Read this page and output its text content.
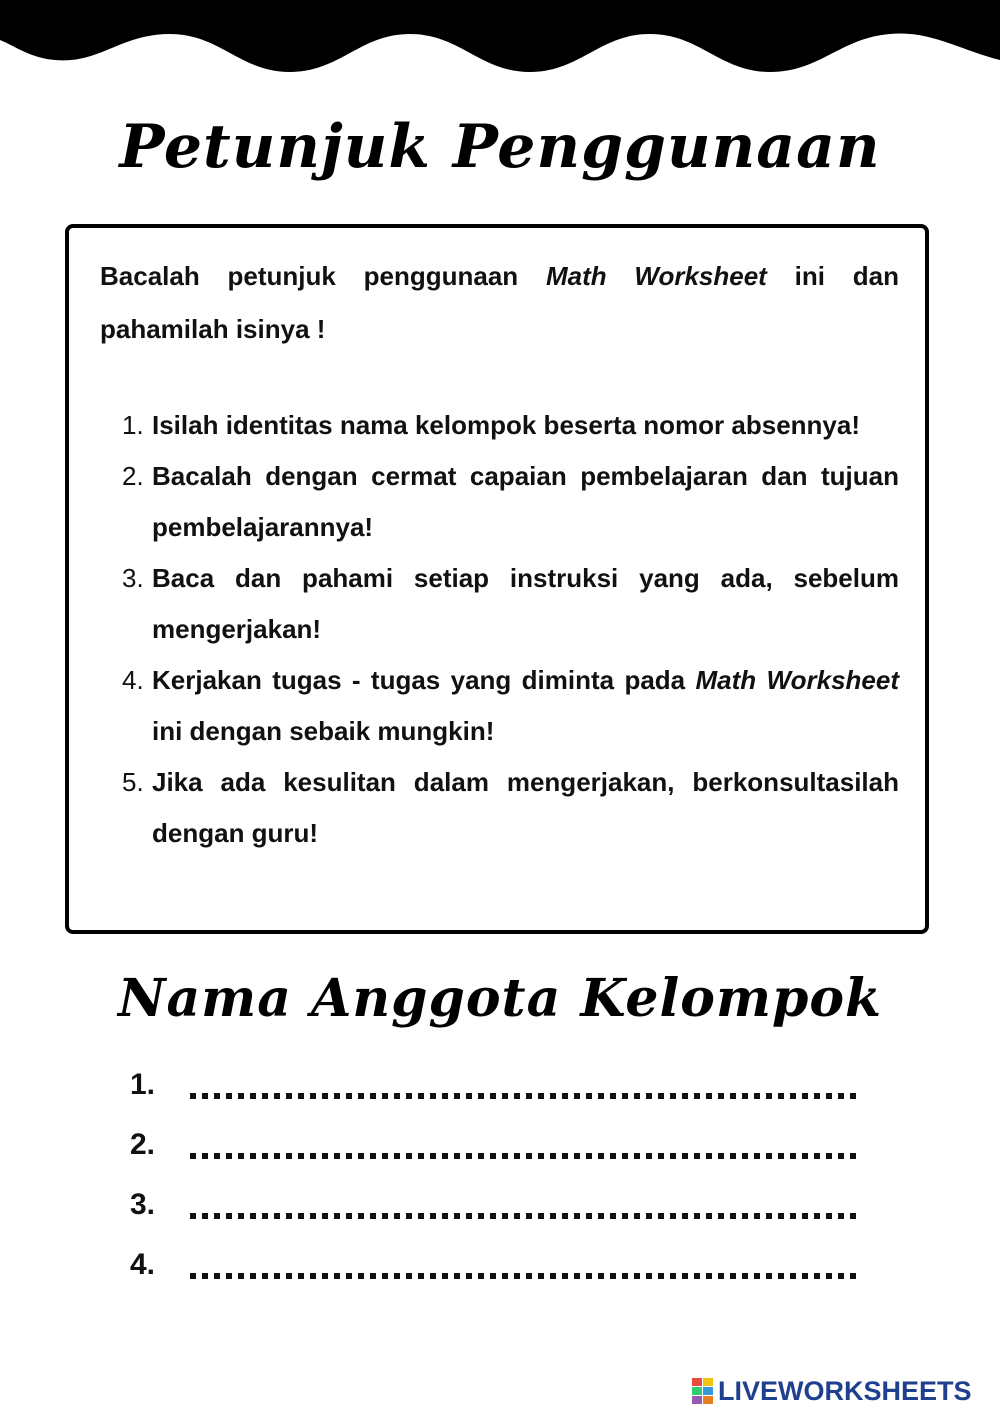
Petunjuk Penggunaan
Bacalah petunjuk penggunaan Math Worksheet ini dan pahamilah isinya !
1. Isilah identitas nama kelompok beserta nomor absennya!
2. Bacalah dengan cermat capaian pembelajaran dan tujuan pembelajarannya!
3. Baca dan pahami setiap instruksi yang ada, sebelum mengerjakan!
4. Kerjakan tugas - tugas yang diminta pada Math Worksheet ini dengan sebaik mungkin!
5. Jika ada kesulitan dalam mengerjakan, berkonsultasilah dengan guru!
Nama Anggota Kelompok
1.
2.
3.
4.
LIVEWORKSHEETS
